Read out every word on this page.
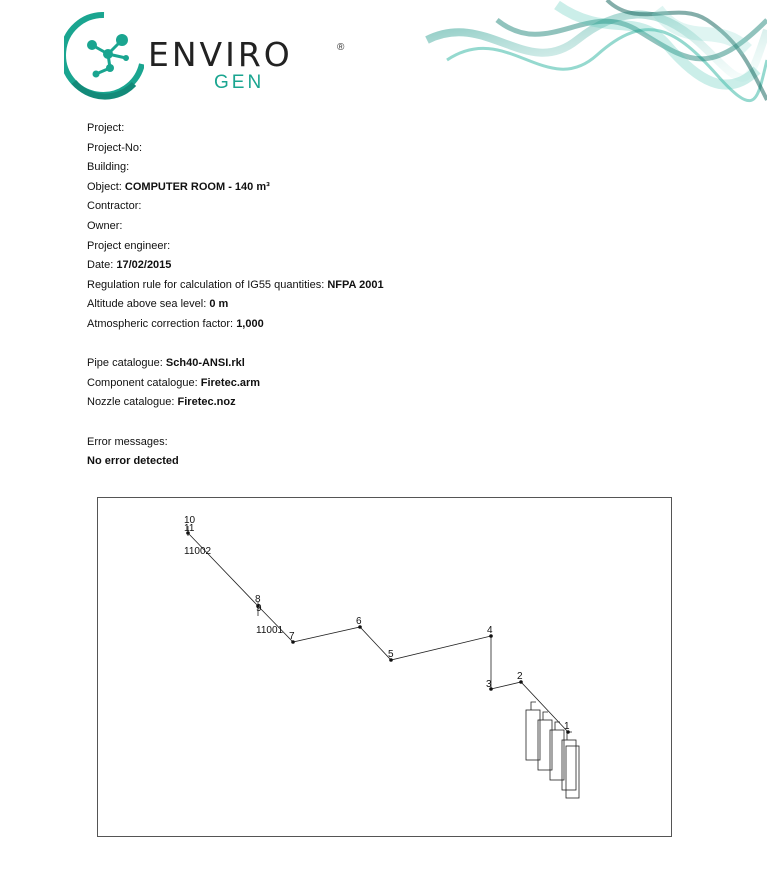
ENVIRO	®
GEN
Project:
Project-No:
Building:
Object: COMPUTER ROOM - 140 m³
Contractor:
Owner:
Project engineer:
Date: 17/02/2015
Regulation rule for calculation of IG55 quantities: NFPA 2001
Altitude above sea level: 0 m
Atmospheric correction factor: 1,000
Pipe catalogue: Sch40-ANSI.rkl
Component catalogue: Firetec.arm
Nozzle catalogue: Firetec.noz
Error messages:
No error detected
1
2
3
4
5
6
7
8
9
10
11
11001
11002
